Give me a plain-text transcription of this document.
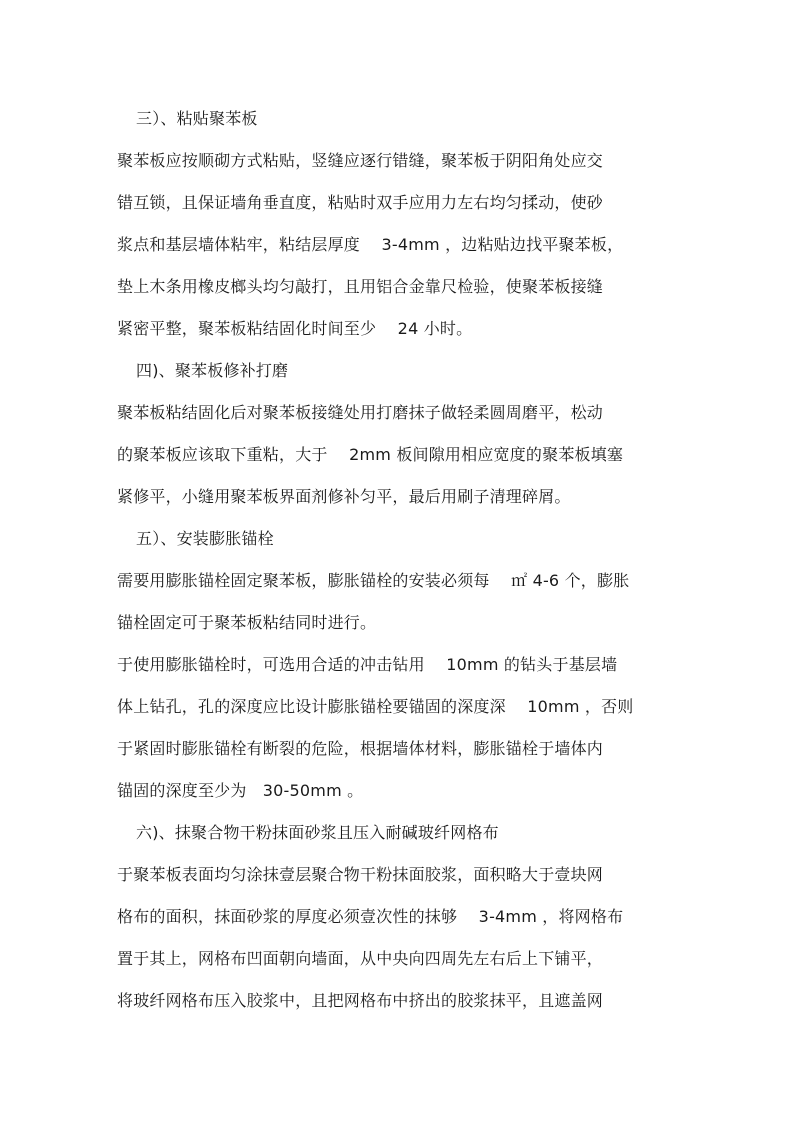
三）、粘贴聚苯板
聚苯板应按顺砌方式粘贴，竖缝应逐行错缝，聚苯板于阴阳角处应交
错互锁，且保证墙角垂直度，粘贴时双手应用力左右均匀揉动，使砂
浆点和基层墙体粘牢，粘结层厚度　 3-4mm ，边粘贴边找平聚苯板，
垫上木条用橡皮榔头均匀敲打，且用铝合金靠尺检验，使聚苯板接缝
紧密平整，聚苯板粘结固化时间至少　 24 小时。
四)、聚苯板修补打磨
聚苯板粘结固化后对聚苯板接缝处用打磨抹子做轻柔圆周磨平，松动
的聚苯板应该取下重粘，大于　 2mm 板间隙用相应宽度的聚苯板填塞
紧修平，小缝用聚苯板界面剂修补匀平，最后用刷子清理碎屑。
五）、安装膨胀锚栓
需要用膨胀锚栓固定聚苯板，膨胀锚栓的安装必须每　 ㎡ 4-6 个，膨胀
锚栓固定可于聚苯板粘结同时进行。
于使用膨胀锚栓时，可选用合适的冲击钻用　 10mm 的钻头于基层墙
体上钻孔，孔的深度应比设计膨胀锚栓要锚固的深度深　 10mm ，否则
于紧固时膨胀锚栓有断裂的危险，根据墙体材料，膨胀锚栓于墙体内
锚固的深度至少为　30-50mm 。
六)、抹聚合物干粉抹面砂浆且压入耐碱玻纤网格布
于聚苯板表面均匀涂抹壹层聚合物干粉抹面胶浆，面积略大于壹块网
格布的面积，抹面砂浆的厚度必须壹次性的抹够　 3-4mm ，将网格布
置于其上，网格布凹面朝向墙面，从中央向四周先左右后上下铺平，
将玻纤网格布压入胶浆中，且把网格布中挤出的胶浆抹平，且遮盖网
